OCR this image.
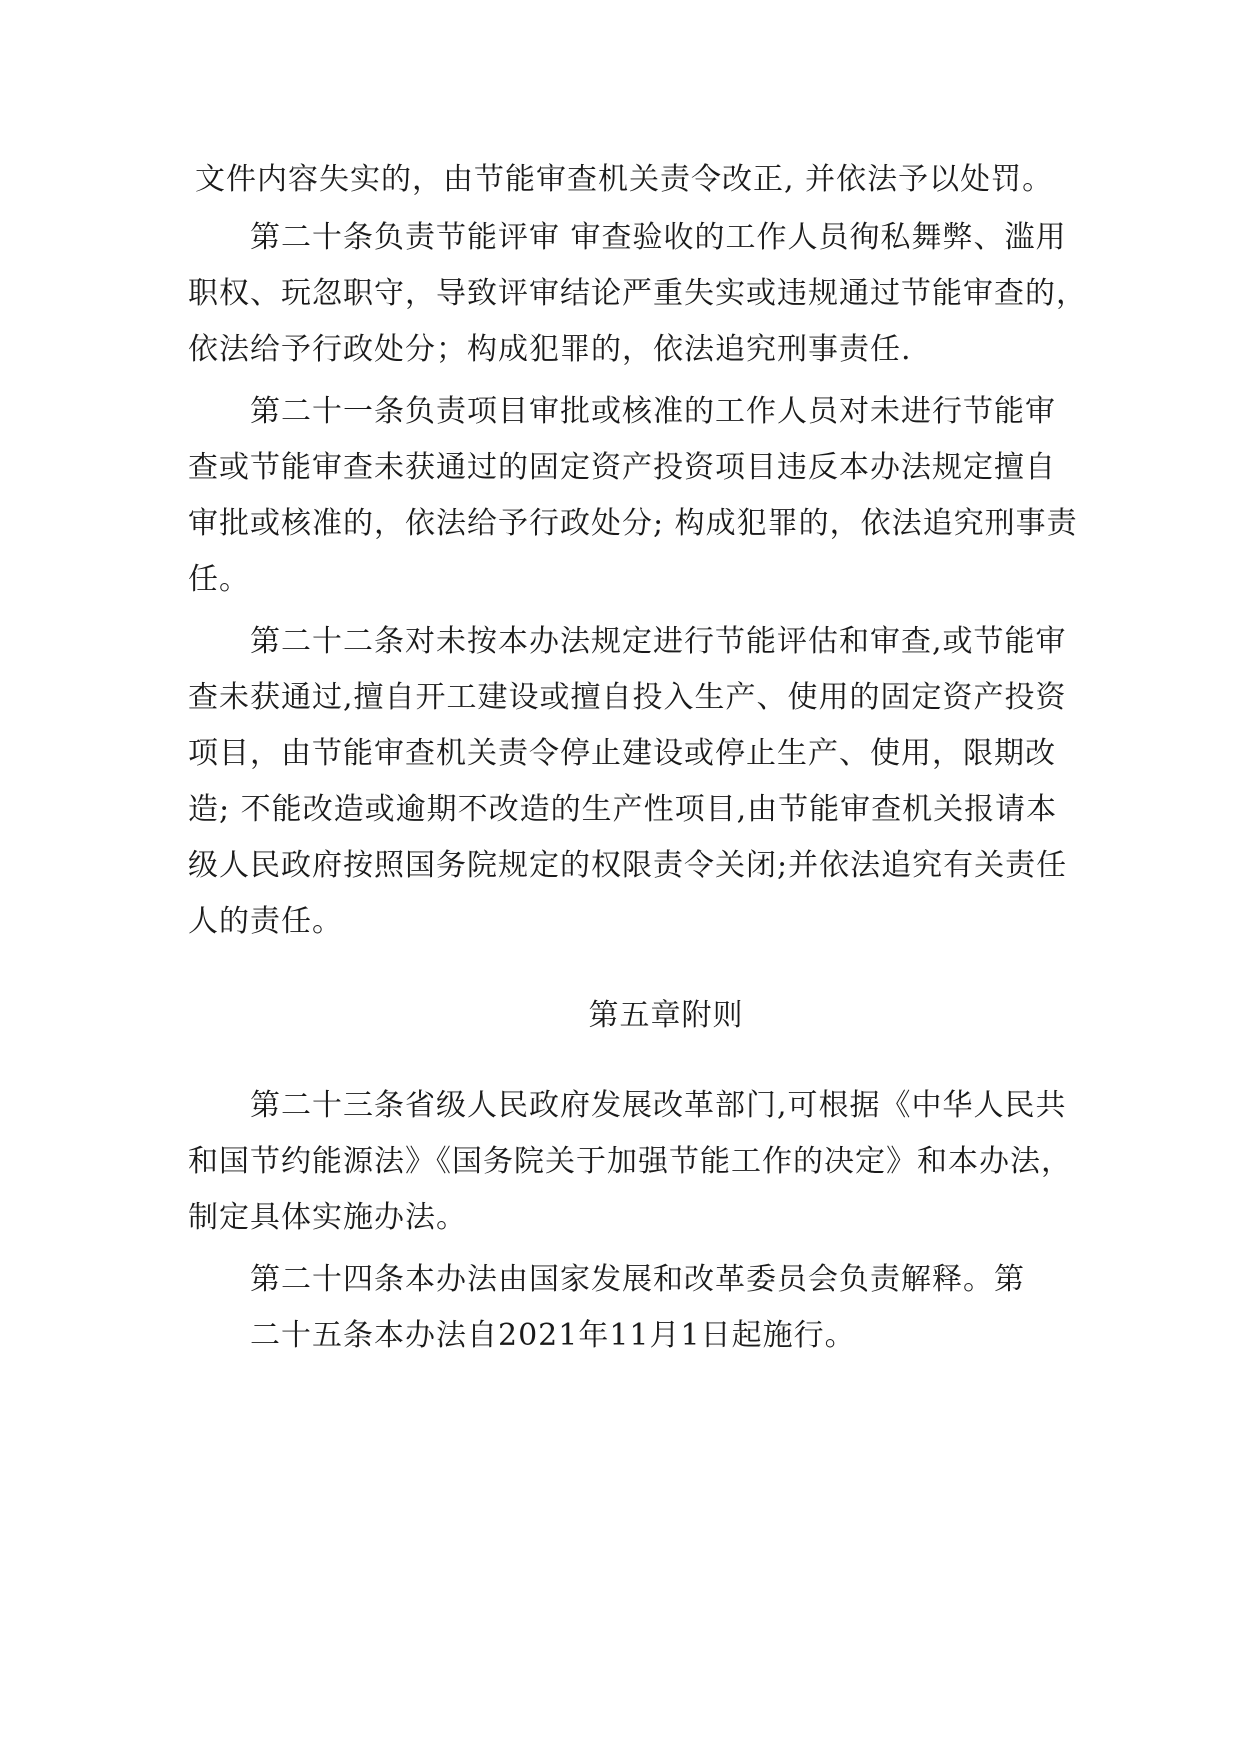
文件内容失实的，由节能审查机关责令改正, 并依法予以处罚。
第二十条负责节能评审 审查验收的工作人员徇私舞弊、滥用
职权、玩忽职守，导致评审结论严重失实或违规通过节能审查的，
依法给予行政处分；构成犯罪的，依法追究刑事责任.
第二十一条负责项目审批或核准的工作人员对未进行节能审
查或节能审查未获通过的固定资产投资项目违反本办法规定擅自
审批或核准的，依法给予行政处分; 构成犯罪的，依法追究刑事责
任。
第二十二条对未按本办法规定进行节能评估和审查,或节能审
查未获通过,擅自开工建设或擅自投入生产、使用的固定资产投资
项目，由节能审查机关责令停止建设或停止生产、使用，限期改
造; 不能改造或逾期不改造的生产性项目,由节能审查机关报请本
级人民政府按照国务院规定的权限责令关闭;并依法追究有关责任
人的责任。
第五章附则
第二十三条省级人民政府发展改革部门,可根据《中华人民共
和国节约能源法》《国务院关于加强节能工作的决定》和本办法，
制定具体实施办法。
第二十四条本办法由国家发展和改革委员会负责解释。第
二十五条本办法自2021年11月1日起施行。
